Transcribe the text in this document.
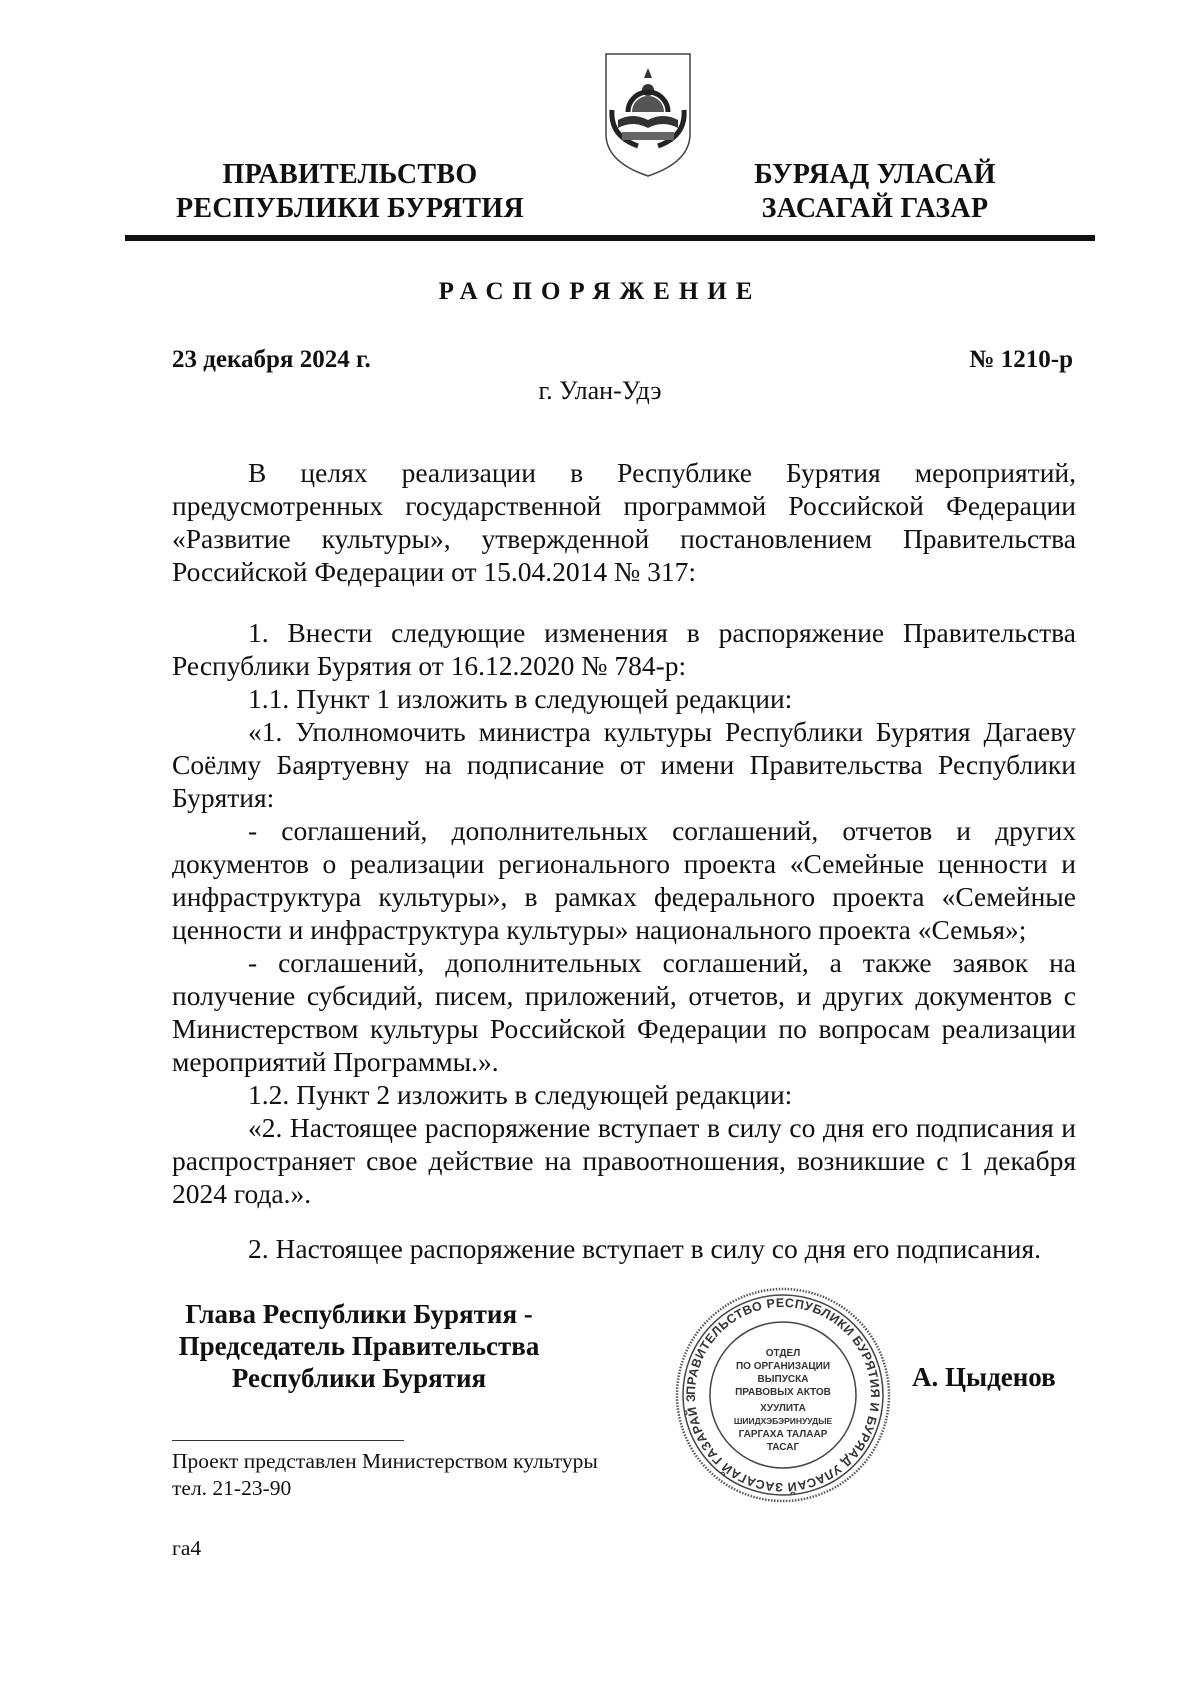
ПРАВИТЕЛЬСТВО
РЕСПУБЛИКИ БУРЯТИЯ
БУРЯАД УЛАСАЙ
ЗАСАГАЙ ГАЗАР
РАСПОРЯЖЕНИЕ
23 декабря 2024 г.	№ 1210-р
г. Улан-Удэ
В целях реализации в Республике Бурятия мероприятий, предусмотренных государственной программой Российской Федерации «Развитие культуры», утвержденной постановлением Правительства Российской Федерации от 15.04.2014 № 317:
1. Внести следующие изменения в распоряжение Правительства Республики Бурятия от 16.12.2020 № 784-р:
1.1. Пункт 1 изложить в следующей редакции:
«1. Уполномочить министра культуры Республики Бурятия Дагаеву Соёлму Баяртуевну на подписание от имени Правительства Республики Бурятия:
- соглашений, дополнительных соглашений, отчетов и других документов о реализации регионального проекта «Семейные ценности и инфраструктура культуры», в рамках федерального проекта «Семейные ценности и инфраструктура культуры» национального проекта «Семья»;
- соглашений, дополнительных соглашений, а также заявок на получение субсидий, писем, приложений, отчетов, и других документов с Министерством культуры Российской Федерации по вопросам реализации мероприятий Программы.».
1.2. Пункт 2 изложить в следующей редакции:
«2. Настоящее распоряжение вступает в силу со дня его подписания и распространяет свое действие на правоотношения, возникшие с 1 декабря 2024 года.».
2. Настоящее распоряжение вступает в силу со дня его подписания.
Глава Республики Бурятия -
Председатель Правительства
Республики Бурятия	ПРАВИТЕЛЬСТВО РЕСПУБЛИКИ БУРЯТИЯ И БУРЯАД УЛАСАЙ ЗАСАГАЙ ГАЗАРАЙ З
ОТДЕЛ
ПО ОРГАНИЗАЦИИ
ВЫПУСКА
ПРАВОВЫХ АКТОВ
ХУУЛИТА
ШИИДХЭБЭРИНУУДЫЕ
ГАРГАХА ТАЛААР
ТАСАГ
А. Цыденов
Проект представлен Министерством культуры
тел. 21-23-90
га4
